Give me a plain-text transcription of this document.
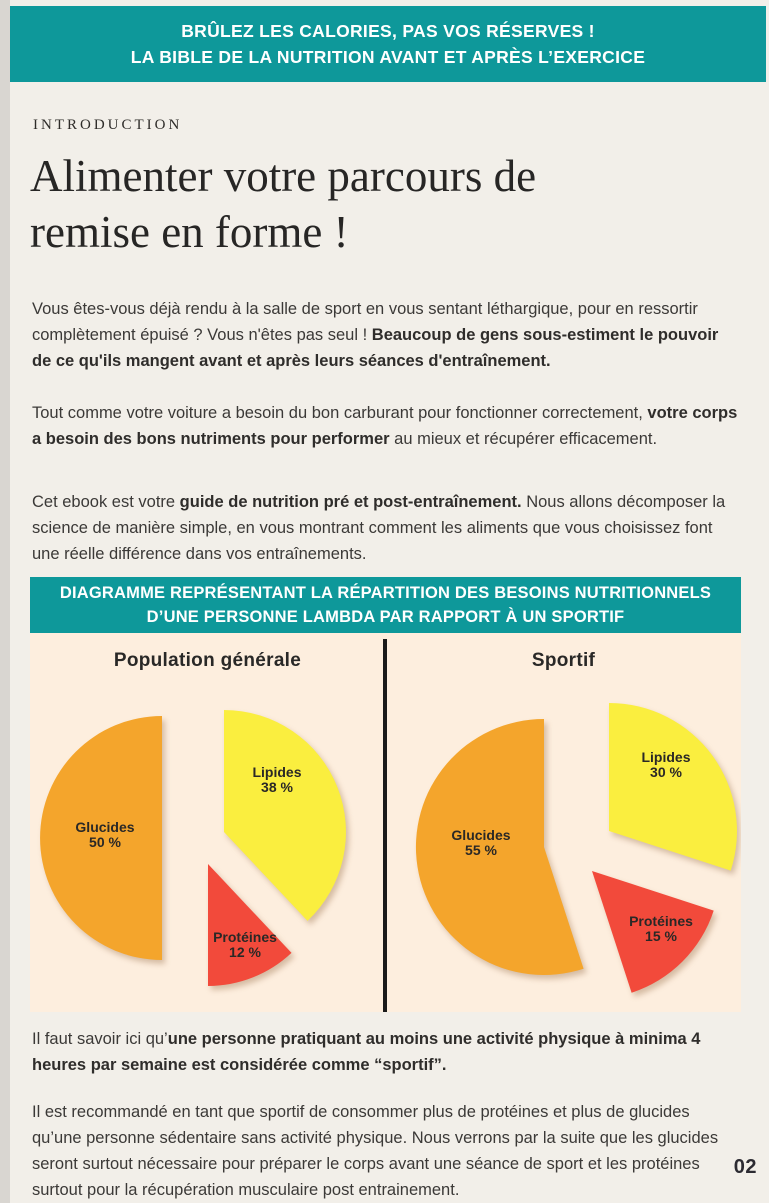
BRÛLEZ LES CALORIES, PAS VOS RÉSERVES !
LA BIBLE DE LA NUTRITION AVANT ET APRÈS L’EXERCICE
INTRODUCTION
Alimenter votre parcours de
remise en forme !

Vous êtes-vous déjà rendu à la salle de sport en vous sentant léthargique, pour en ressortir complètement épuisé ? Vous n'êtes pas seul ! Beaucoup de gens sous-estiment le pouvoir de ce qu'ils mangent avant et après leurs séances d'entraînement.

Tout comme votre voiture a besoin du bon carburant pour fonctionner correctement, votre corps a besoin des bons nutriments pour performer au mieux et récupérer efficacement.

Cet ebook est votre guide de nutrition pré et post-entraînement. Nous allons décomposer la science de manière simple, en vous montrant comment les aliments que vous choisissez font une réelle différence dans vos entraînements.

DIAGRAMME REPRÉSENTANT LA RÉPARTITION DES BESOINS NUTRITIONNELS
D’UNE PERSONNE LAMBDA PAR RAPPORT À UN SPORTIF
Population générale	Sportif
Lipides
38 %
Protéines
12 %
Glucides
50 %
Lipides
30 %
Protéines
15 %
Glucides
55 %

Il faut savoir ici qu’une personne pratiquant au moins une activité physique à minima 4 heures par semaine est considérée comme “sportif”.

Il est recommandé en tant que sportif de consommer plus de protéines et plus de glucides qu’une personne sédentaire sans activité physique. Nous verrons par la suite que les glucides seront surtout nécessaire pour préparer le corps avant une séance de sport et les protéines surtout pour la récupération musculaire post entrainement.

02
